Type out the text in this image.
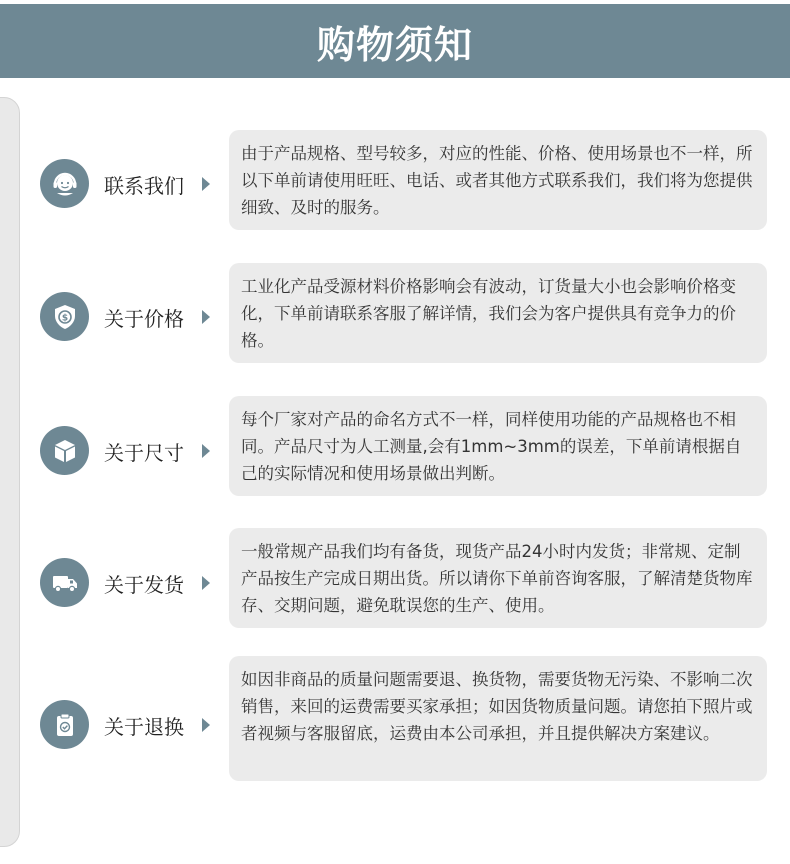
购物须知
联系我们
由于产品规格、型号较多，对应的性能、价格、使用场景也不一样，所以下单前请使用旺旺、电话、或者其他方式联系我们，我们将为您提供细致、及时的服务。
$ 关于价格
工业化产品受源材料价格影响会有波动，订货量大小也会影响价格变化，下单前请联系客服了解详情，我们会为客户提供具有竞争力的价格。
关于尺寸
每个厂家对产品的命名方式不一样，同样使用功能的产品规格也不相同。产品尺寸为人工测量,会有1mm~3mm的误差，下单前请根据自己的实际情况和使用场景做出判断。
关于发货
一般常规产品我们均有备货，现货产品24小时内发货；非常规、定制产品按生产完成日期出货。所以请你下单前咨询客服，了解清楚货物库存、交期问题，避免耽误您的生产、使用。
关于退换
如因非商品的质量问题需要退、换货物，需要货物无污染、不影响二次销售，来回的运费需要买家承担；如因货物质量问题。请您拍下照片或者视频与客服留底，运费由本公司承担，并且提供解决方案建议。
